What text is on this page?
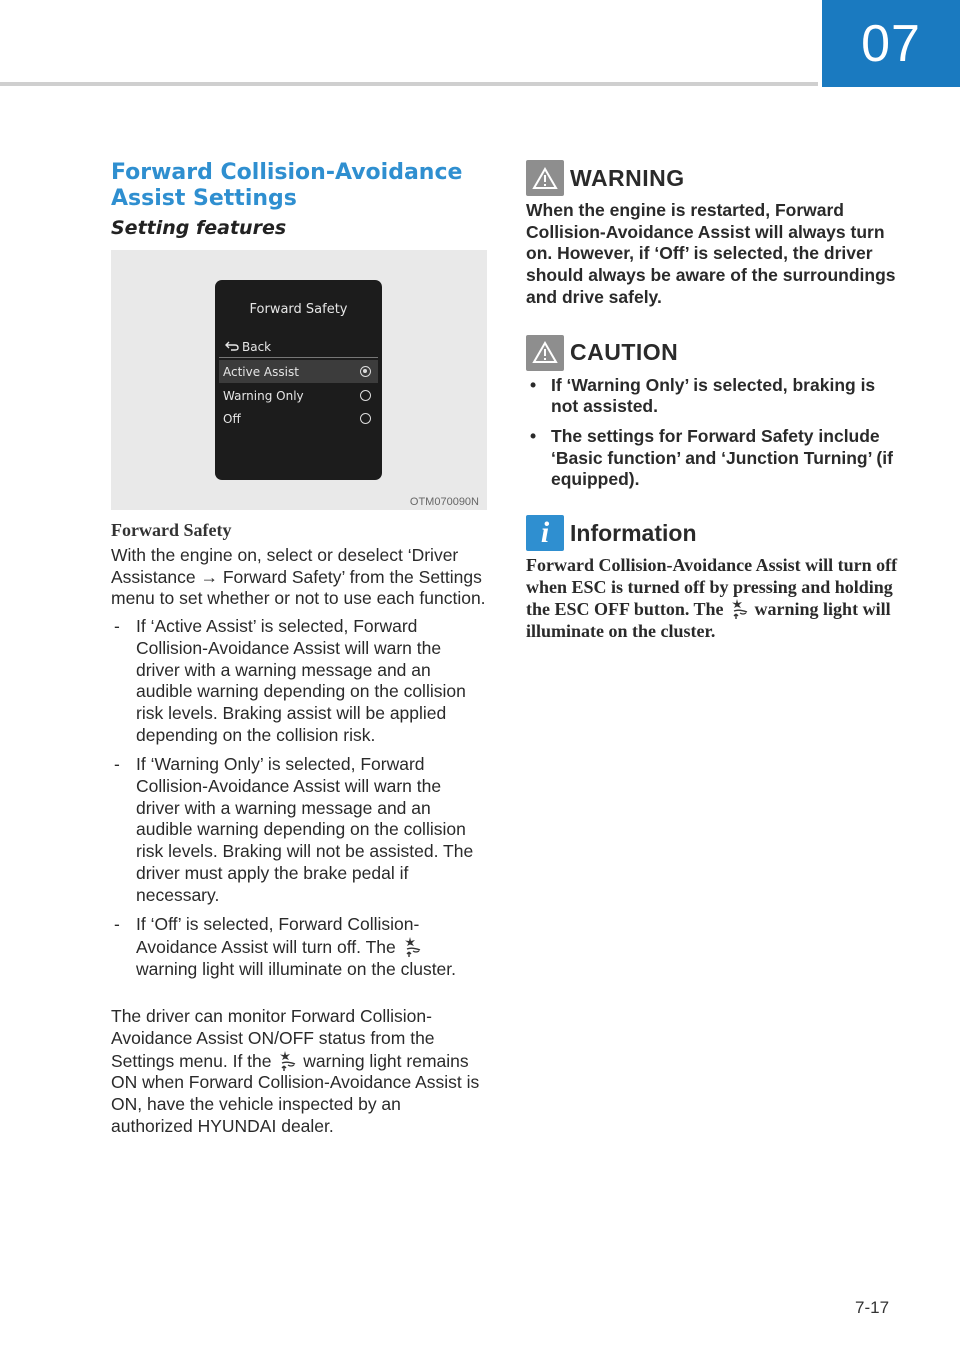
07
Forward Collision-Avoidance
Assist Settings
Setting features
Forward Safety
Back
Active Assist
Warning Only
Off
OTM070090N
Forward Safety

With the engine on, select or deselect ‘Driver Assistance → Forward Safety’ from the Settings menu to set whether or not to use each function.

- If ‘Active Assist’ is selected, Forward Collision-Avoidance Assist will warn the driver with a warning message and an audible warning depending on the collision risk levels. Braking assist will be applied depending on the collision risk.
- If ‘Warning Only’ is selected, Forward Collision-Avoidance Assist will warn the driver with a warning message and an audible warning depending on the collision risk levels. Braking will not be assisted. The driver must apply the brake pedal if necessary.
- If ‘Off’ is selected, Forward Collision-Avoidance Assist will turn off. The  warning light will illuminate on the cluster.

The driver can monitor Forward Collision-Avoidance Assist ON/OFF status from the Settings menu. If the warning light remains ON when Forward Collision-Avoidance Assist is ON, have the vehicle inspected by an authorized HYUNDAI dealer.

WARNING

When the engine is restarted, Forward Collision-Avoidance Assist will always turn on. However, if ‘Off’ is selected, the driver should always be aware of the surroundings and drive safely.

CAUTION
• If ‘Warning Only’ is selected, braking is not assisted.
• The settings for Forward Safety include ‘Basic function’ and ‘Junction Turning’ (if equipped).
i Information

Forward Collision-Avoidance Assist will turn off when ESC is turned off by pressing and holding the ESC OFF button. The warning light will illuminate on the cluster.

7-17
